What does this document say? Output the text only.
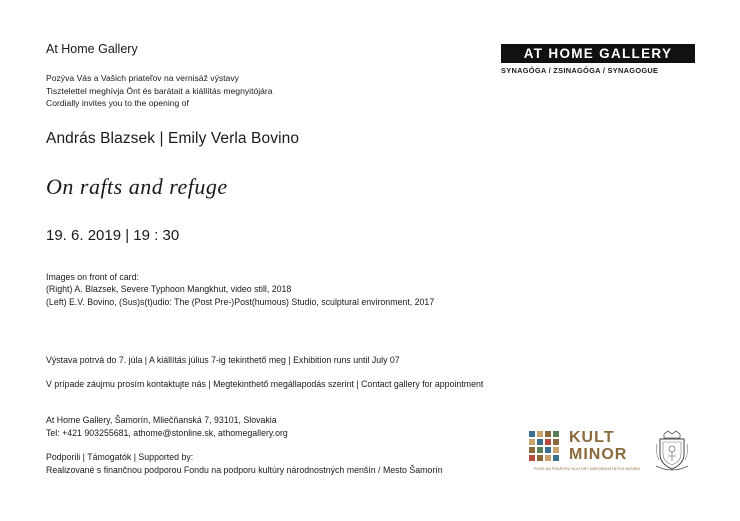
At Home Gallery
Pozýva Vás a Vašich priateľov na vernisáž výstavy
Tisztelettel meghívja Önt és barátait a kiállítás megnyitójára
Cordially invites you to the opening of
AT HOME GALLERY
SYNAGÓGA / ZSINAGÓGA / SYNAGOGUE
András Blazsek | Emily Verla Bovino
On rafts and refuge
19. 6. 2019 | 19 : 30
Images on front of card:
(Right) A. Blazsek, Severe Typhoon Mangkhut, video still, 2018
(Left) E.V. Bovino, (Sus)s(t)udio: The (Post Pre-)Post(humous) Studio, sculptural environment, 2017
Výstava potrvá do 7. júla | A kiállítás július 7-ig tekinthető meg | Exhibition runs until July 07
V prípade záujmu prosím kontaktujte nás | Megtekinthető megállapodás szerint | Contact gallery for appointment
At Home Gallery, Šamorín, Mliečňanská 7, 93101, Slovakia
Tel: +421 903255681, athome@stonline.sk, athomegallery.org
Podporili | Támogatók | Supported by:
Realizované s finančnou podporou Fondu na podporu kultúry národnostných menšín / Mesto Šamorín
KULT
MINOR
FOND NA PODPORU KULTÚRY NÁRODNOSTNÝCH MENŠÍN
